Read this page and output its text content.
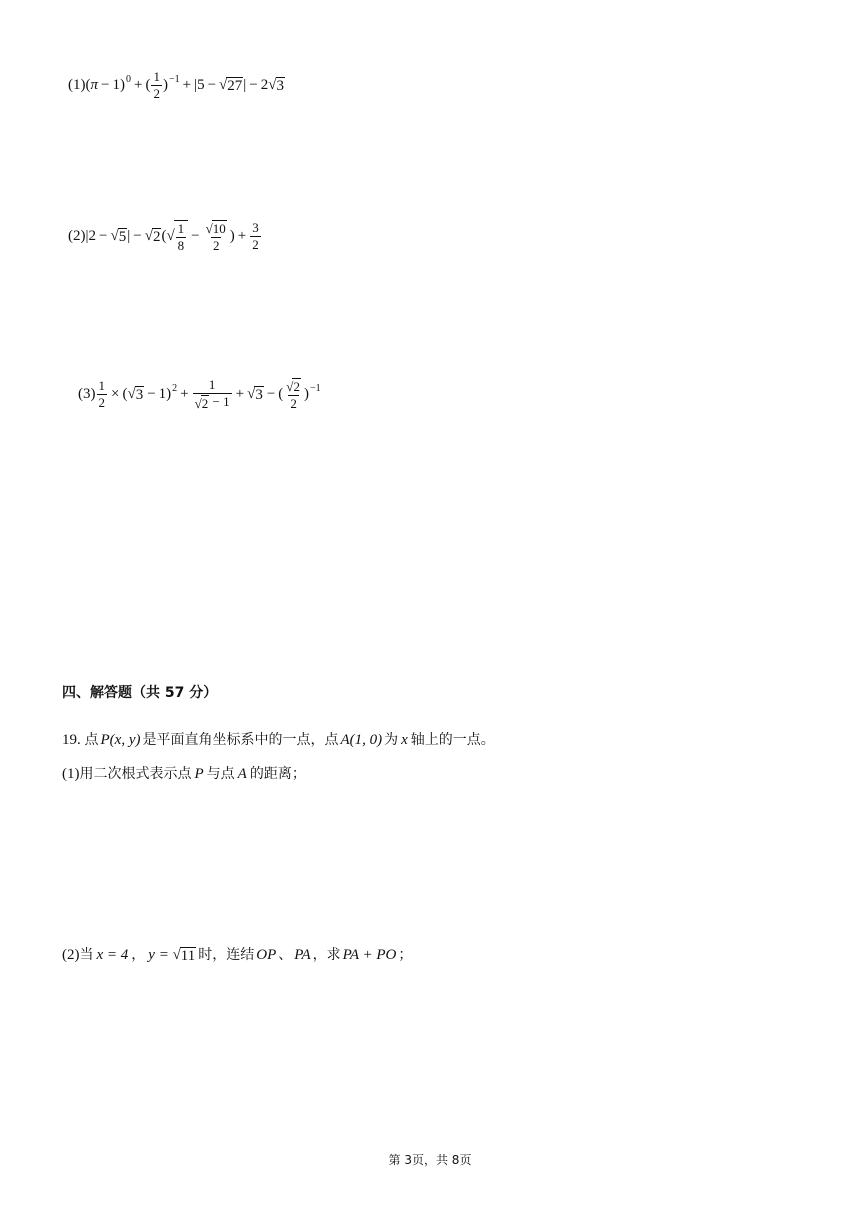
$(1)(\pi - 1)^0$ + ( $\frac{1}{2} )^{-1} + |5$ − √ 27 | − 2 √ 3
(2)|2 − √ 5 | − √ 2 ( √ $\frac{1}{8} - \frac{√ 10}{2}$ ) + $\frac{3}{2}$
$(3) \frac{1}{2}$ × ( √ $3 - 1)^2 + \frac{1}{√ 2 - 1}$ + √ 3 − ( $\frac{√ 2}{2} )^{-1}$
四、解答题（共 57 分）
19. 点 P(x, y) 是平面直角坐标系中的一点，点 A(1, 0) 为 x 轴上的一点。
(1)用二次根式表示点 P 与点 A 的距离；
(2)当 x = 4 ， y = √ 11 时，连结 OP 、 PA ，求 PA + PO ；
第 3页，共 8页
